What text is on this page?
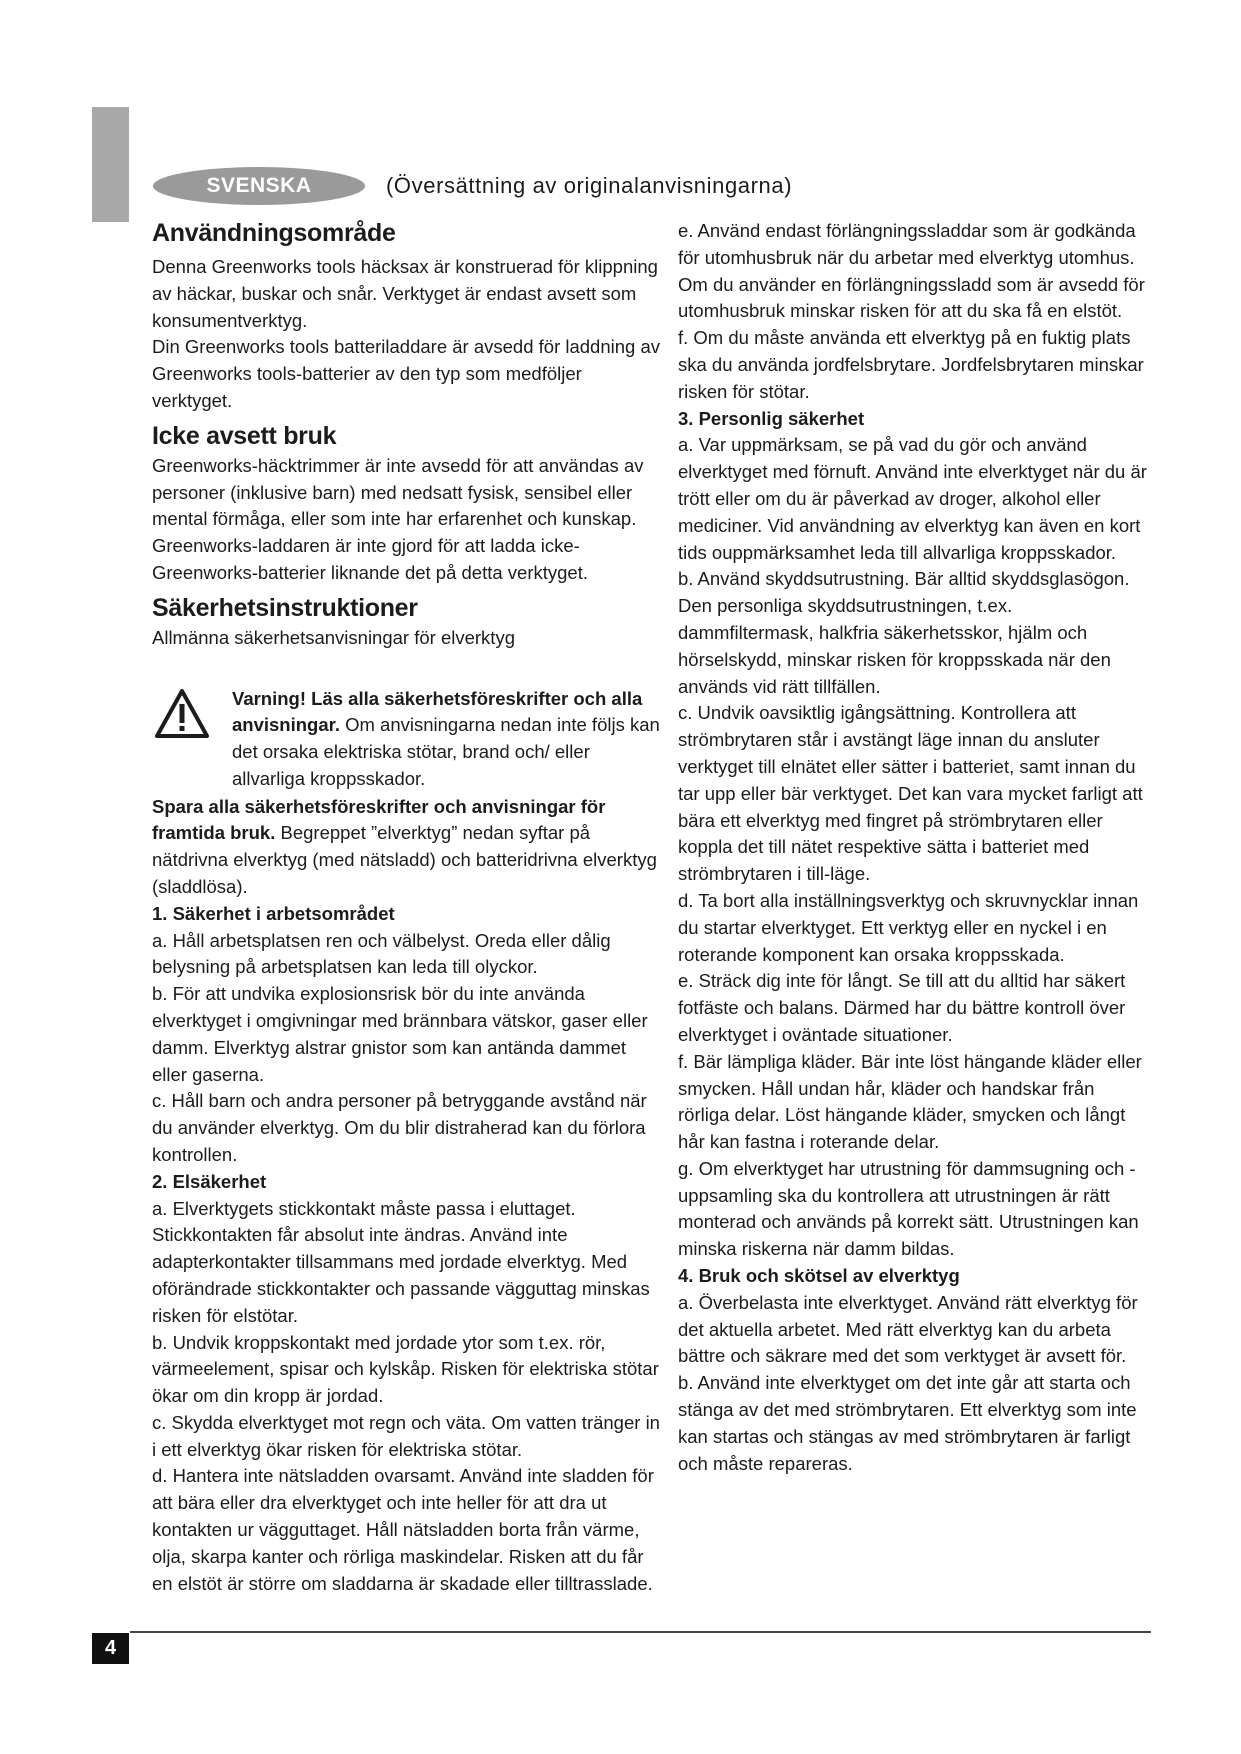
SVENSKA	(Översättning av originalanvisningarna)
Användningsområde

Denna Greenworks tools häcksax är konstruerad för klippning av häckar, buskar och snår. Verktyget är endast avsett som konsumentverktyg.

Din Greenworks tools batteriladdare är avsedd för laddning av Greenworks tools-batterier av den typ som medföljer verktyget.

Icke avsett bruk

Greenworks-häcktrimmer är inte avsedd för att användas av personer (inklusive barn) med nedsatt fysisk, sensibel eller mental förmåga, eller som inte har erfarenhet och kunskap. Greenworks-laddaren är inte gjord för att ladda icke-Greenworks-batterier liknande det på detta verktyget.

Säkerhetsinstruktioner

Allmänna säkerhetsanvisningar för elverktyg

Varning! Läs alla säkerhetsföreskrifter och alla anvisningar. Om anvisningarna nedan inte följs kan det orsaka elektriska stötar, brand och/ eller allvarliga kroppsskador.

Spara alla säkerhetsföreskrifter och anvisningar för framtida bruk. Begreppet ”elverktyg” nedan syftar på nätdrivna elverktyg (med nätsladd) och batteridrivna elverktyg (sladdlösa).

1. Säkerhet i arbetsområdet

a. Håll arbetsplatsen ren och välbelyst. Oreda eller dålig belysning på arbetsplatsen kan leda till olyckor.

b. För att undvika explosionsrisk bör du inte använda elverktyget i omgivningar med brännbara vätskor, gaser eller damm. Elverktyg alstrar gnistor som kan antända dammet eller gaserna.

c. Håll barn och andra personer på betryggande avstånd när du använder elverktyg. Om du blir distraherad kan du förlora kontrollen.

2. Elsäkerhet

a. Elverktygets stickkontakt måste passa i eluttaget. Stickkontakten får absolut inte ändras. Använd inte adapterkontakter tillsammans med jordade elverktyg. Med oförändrade stickkontakter och passande vägguttag minskas risken för elstötar.

b. Undvik kroppskontakt med jordade ytor som t.ex. rör, värmeelement, spisar och kylskåp. Risken för elektriska stötar ökar om din kropp är jordad.

c. Skydda elverktyget mot regn och väta. Om vatten tränger in i ett elverktyg ökar risken för elektriska stötar.

d. Hantera inte nätsladden ovarsamt. Använd inte sladden för att bära eller dra elverktyget och inte heller för att dra ut kontakten ur vägguttaget. Håll nätsladden borta från värme, olja, skarpa kanter och rörliga maskindelar. Risken att du får en elstöt är större om sladdarna är skadade eller tilltrasslade.

e. Använd endast förlängningssladdar som är godkända för utomhusbruk när du arbetar med elverktyg utomhus. Om du använder en förlängningssladd som är avsedd för utomhusbruk minskar risken för att du ska få en elstöt.

f. Om du måste använda ett elverktyg på en fuktig plats ska du använda jordfelsbrytare. Jordfelsbrytaren minskar risken för stötar.

3. Personlig säkerhet

a. Var uppmärksam, se på vad du gör och använd elverktyget med förnuft. Använd inte elverktyget när du är trött eller om du är påverkad av droger, alkohol eller mediciner. Vid användning av elverktyg kan även en kort tids ouppmärksamhet leda till allvarliga kroppsskador.

b. Använd skyddsutrustning. Bär alltid skyddsglasögon. Den personliga skyddsutrustningen, t.ex. dammfiltermask, halkfria säkerhetsskor, hjälm och hörselskydd, minskar risken för kroppsskada när den används vid rätt tillfällen.

c. Undvik oavsiktlig igångsättning. Kontrollera att strömbrytaren står i avstängt läge innan du ansluter verktyget till elnätet eller sätter i batteriet, samt innan du tar upp eller bär verktyget. Det kan vara mycket farligt att bära ett elverktyg med fingret på strömbrytaren eller koppla det till nätet respektive sätta i batteriet med strömbrytaren i till-läge.

d. Ta bort alla inställningsverktyg och skruvnycklar innan du startar elverktyget. Ett verktyg eller en nyckel i en roterande komponent kan orsaka kroppsskada.

e. Sträck dig inte för långt. Se till att du alltid har säkert fotfäste och balans. Därmed har du bättre kontroll över elverktyget i oväntade situationer.

f. Bär lämpliga kläder. Bär inte löst hängande kläder eller smycken. Håll undan hår, kläder och handskar från rörliga delar. Löst hängande kläder, smycken och långt hår kan fastna i roterande delar.

g. Om elverktyget har utrustning för dammsugning och -uppsamling ska du kontrollera att utrustningen är rätt monterad och används på korrekt sätt. Utrustningen kan minska riskerna när damm bildas.

4. Bruk och skötsel av elverktyg

a. Överbelasta inte elverktyget. Använd rätt elverktyg för det aktuella arbetet. Med rätt elverktyg kan du arbeta bättre och säkrare med det som verktyget är avsett för.

b. Använd inte elverktyget om det inte går att starta och stänga av det med strömbrytaren. Ett elverktyg som inte kan startas och stängas av med strömbrytaren är farligt och måste repareras.

4
